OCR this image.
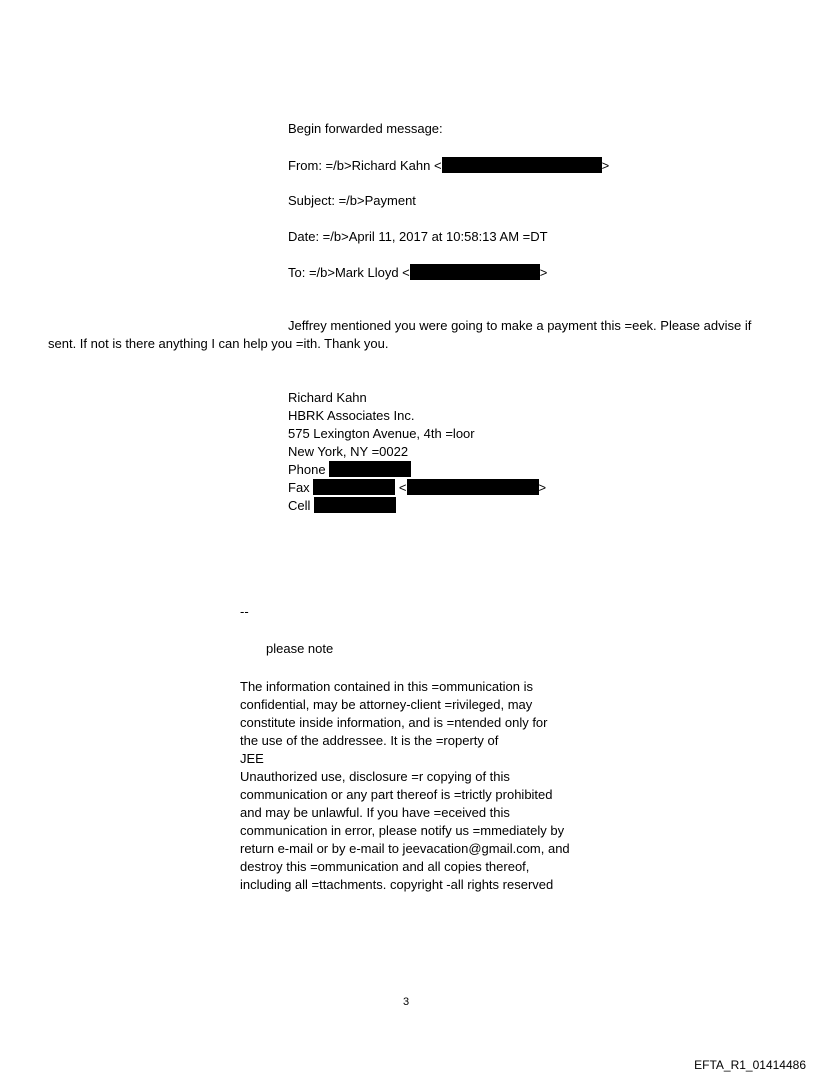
Begin forwarded message:
From: =/b>Richard Kahn <	>
Subject: =/b>Payment
Date: =/b>April 11, 2017 at 10:58:13 AM =DT
To: =/b>Mark Lloyd <	>
Jeffrey mentioned you were going to make a payment this =eek. Please advise if
sent. If not is there anything I can help you =ith. Thank you.
Richard Kahn
HBRK Associates Inc.
575 Lexington Avenue, 4th =loor
New York, NY =0022
Phone
Fax	<	>
Cell
--
please note
The information contained in this =ommunication is
confidential, may be attorney-client =rivileged, may
constitute inside information, and is =ntended only for
the use of the addressee. It is the =roperty of
JEE
Unauthorized use, disclosure =r copying of this
communication or any part thereof is =trictly prohibited
and may be unlawful. If you have =eceived this
communication in error, please notify us =mmediately by
return e-mail or by e-mail to jeevacation@gmail.com, and
destroy this =ommunication and all copies thereof,
including all =ttachments. copyright -all rights reserved
3
EFTA_R1_01414486
